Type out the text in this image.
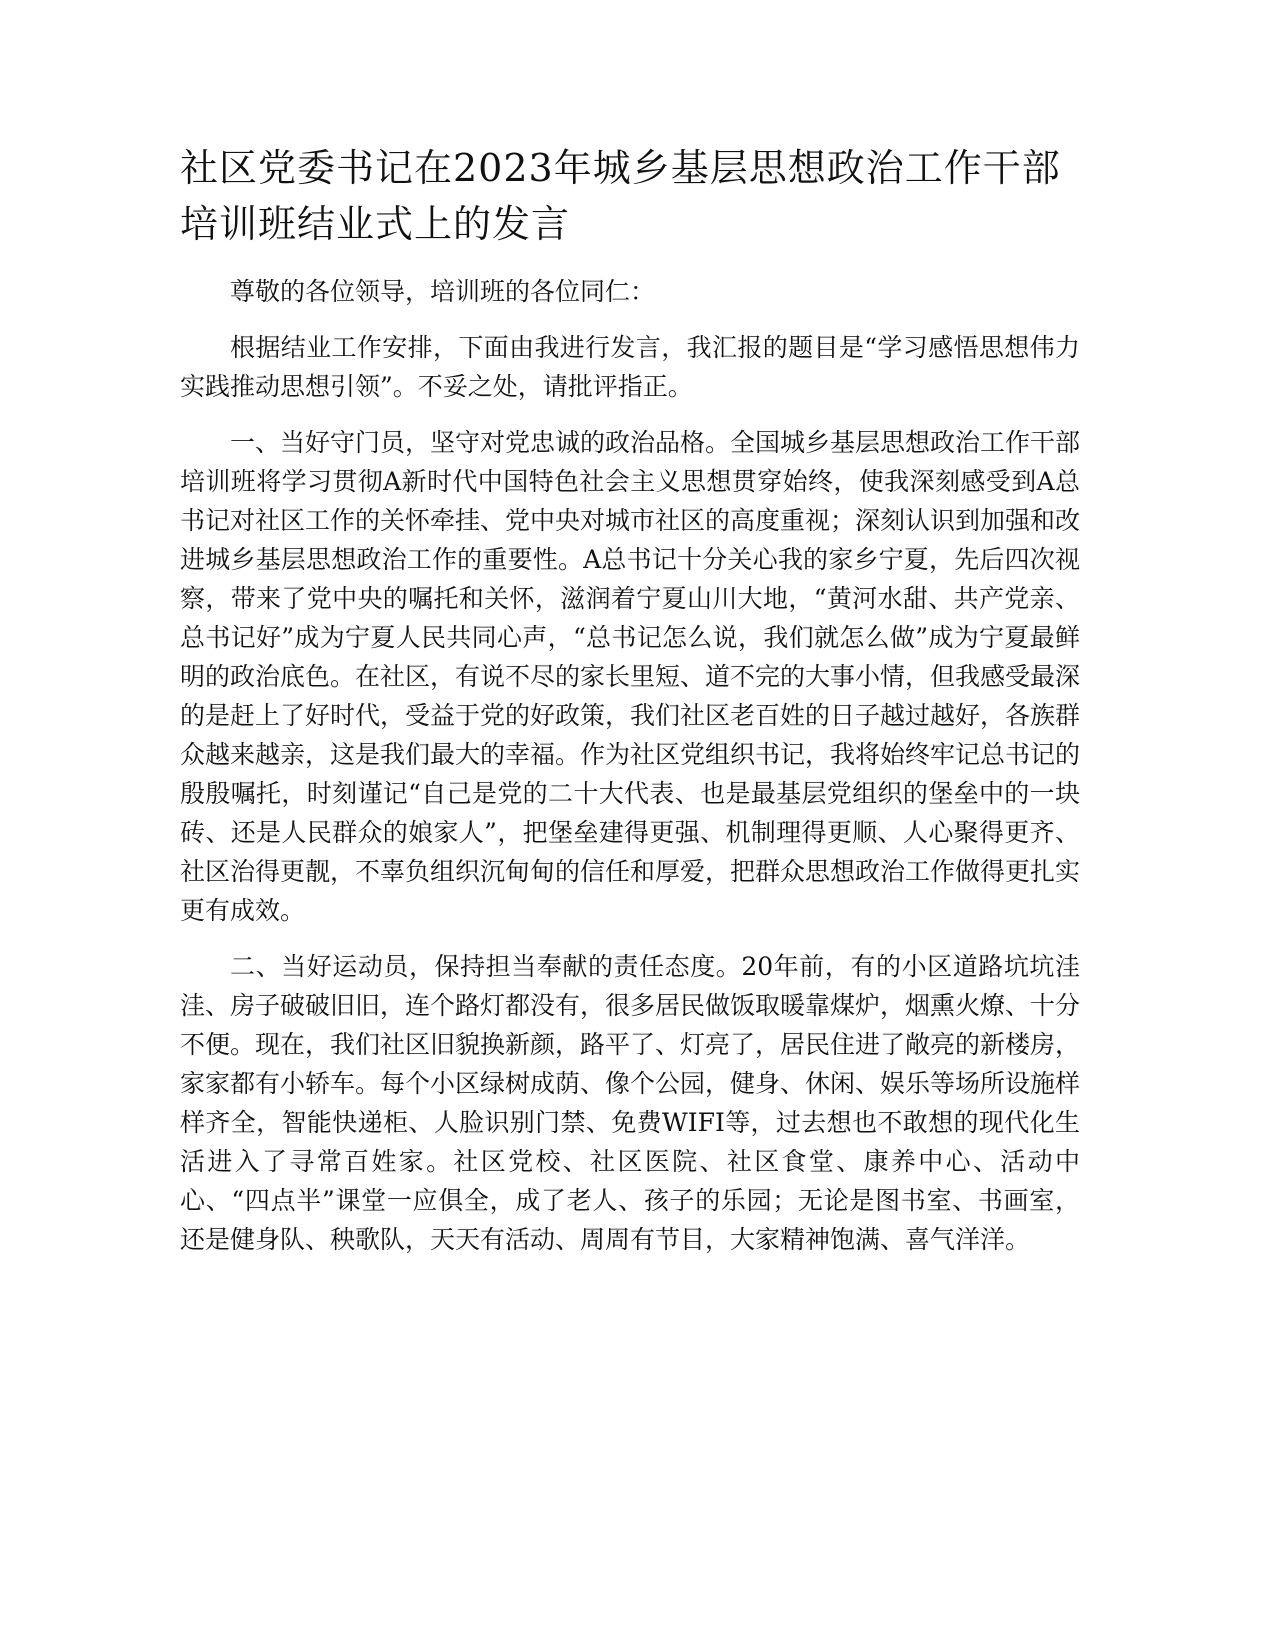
社区党委书记在2023年城乡基层思想政治工作干部培训班结业式上的发言

尊敬的各位领导，培训班的各位同仁：

根据结业工作安排，下面由我进行发言，我汇报的题目是“学习感悟思想伟力实践推动思想引领”。不妥之处，请批评指正。

一、当好守门员，坚守对党忠诚的政治品格。全国城乡基层思想政治工作干部培训班将学习贯彻A新时代中国特色社会主义思想贯穿始终，使我深刻感受到A总书记对社区工作的关怀牵挂、党中央对城市社区的高度重视；深刻认识到加强和改进城乡基层思想政治工作的重要性。A总书记十分关心我的家乡宁夏，先后四次视察，带来了党中央的嘱托和关怀，滋润着宁夏山川大地，“黄河水甜、共产党亲、总书记好”成为宁夏人民共同心声，“总书记怎么说，我们就怎么做”成为宁夏最鲜明的政治底色。在社区，有说不尽的家长里短、道不完的大事小情，但我感受最深的是赶上了好时代，受益于党的好政策，我们社区老百姓的日子越过越好，各族群众越来越亲，这是我们最大的幸福。作为社区党组织书记，我将始终牢记总书记的殷殷嘱托，时刻谨记“自己是党的二十大代表、也是最基层党组织的堡垒中的一块砖、还是人民群众的娘家人”，把堡垒建得更强、机制理得更顺、人心聚得更齐、社区治得更靓，不辜负组织沉甸甸的信任和厚爱，把群众思想政治工作做得更扎实更有成效。

二、当好运动员，保持担当奉献的责任态度。20年前，有的小区道路坑坑洼洼、房子破破旧旧，连个路灯都没有，很多居民做饭取暖靠煤炉，烟熏火燎、十分不便。现在，我们社区旧貌换新颜，路平了、灯亮了，居民住进了敞亮的新楼房，家家都有小轿车。每个小区绿树成荫、像个公园，健身、休闲、娱乐等场所设施样样齐全，智能快递柜、人脸识别门禁、免费WIFI等，过去想也不敢想的现代化生活进入了寻常百姓家。社区党校、社区医院、社区食堂、康养中心、活动中心、“四点半”课堂一应俱全，成了老人、孩子的乐园；无论是图书室、书画室，还是健身队、秧歌队，天天有活动、周周有节目，大家精神饱满、喜气洋洋。
